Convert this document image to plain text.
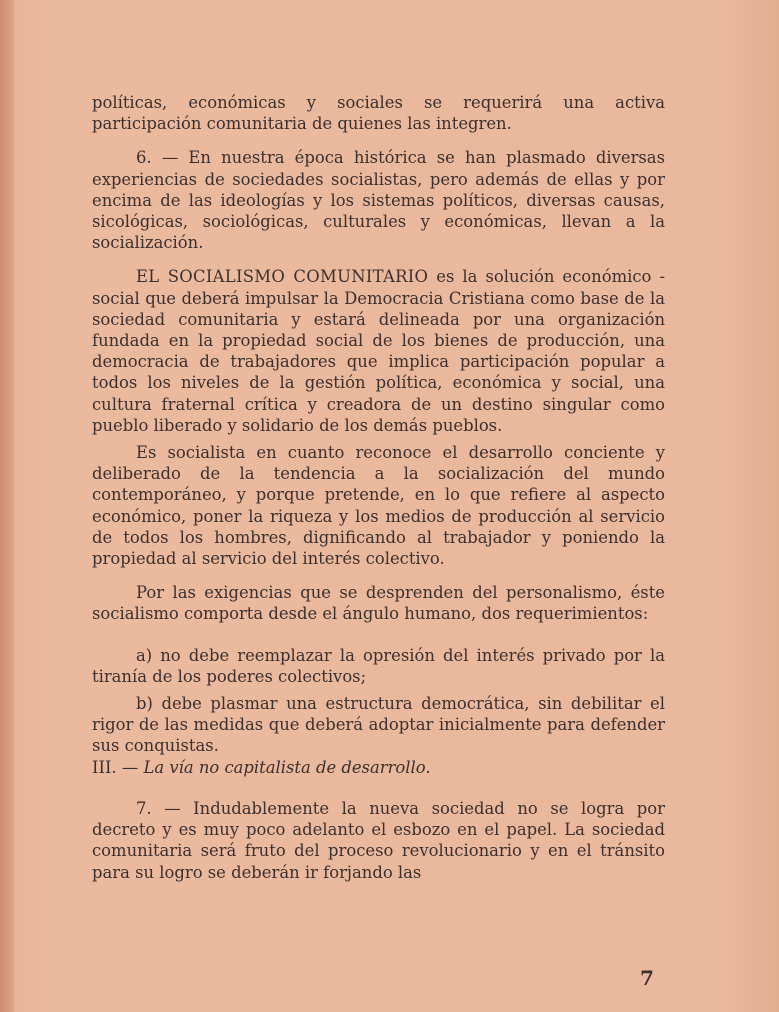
políticas, económicas y sociales se requerirá una activa participación comunitaria de quienes las integren.

6. — En nuestra época histórica se han plasmado diversas experiencias de sociedades socialistas, pero además de ellas y por encima de las ideologías y los sistemas políticos, diversas causas, sicológicas, sociológicas, culturales y económicas, llevan a la socialización.

EL SOCIALISMO COMUNITARIO es la solución económico - social que deberá impulsar la Democracia Cristiana como base de la sociedad comunitaria y estará delineada por una organización fundada en la propiedad social de los bienes de producción, una democracia de trabajadores que implica participación popular a todos los niveles de la gestión política, económica y social, una cultura fraternal crítica y creadora de un destino singular como pueblo liberado y solidario de los demás pueblos.

Es socialista en cuanto reconoce el desarrollo conciente y deliberado de la tendencia a la socialización del mundo contemporáneo, y porque pretende, en lo que refiere al aspecto económico, poner la riqueza y los medios de producción al servicio de todos los hombres, dignificando al trabajador y poniendo la propiedad al servicio del interés colectivo.

Por las exigencias que se desprenden del personalismo, éste socialismo comporta desde el ángulo humano, dos requerimientos:

a) no debe reemplazar la opresión del interés privado por la tiranía de los poderes colectivos;

b) debe plasmar una estructura democrática, sin debilitar el rigor de las medidas que deberá adoptar inicialmente para defender sus conquistas.

III. — La vía no capitalista de desarrollo.

7. — Indudablemente la nueva sociedad no se logra por decreto y es muy poco adelanto el esbozo en el papel. La sociedad comunitaria será fruto del proceso revolucionario y en el tránsito para su logro se deberán ir forjando las

7
